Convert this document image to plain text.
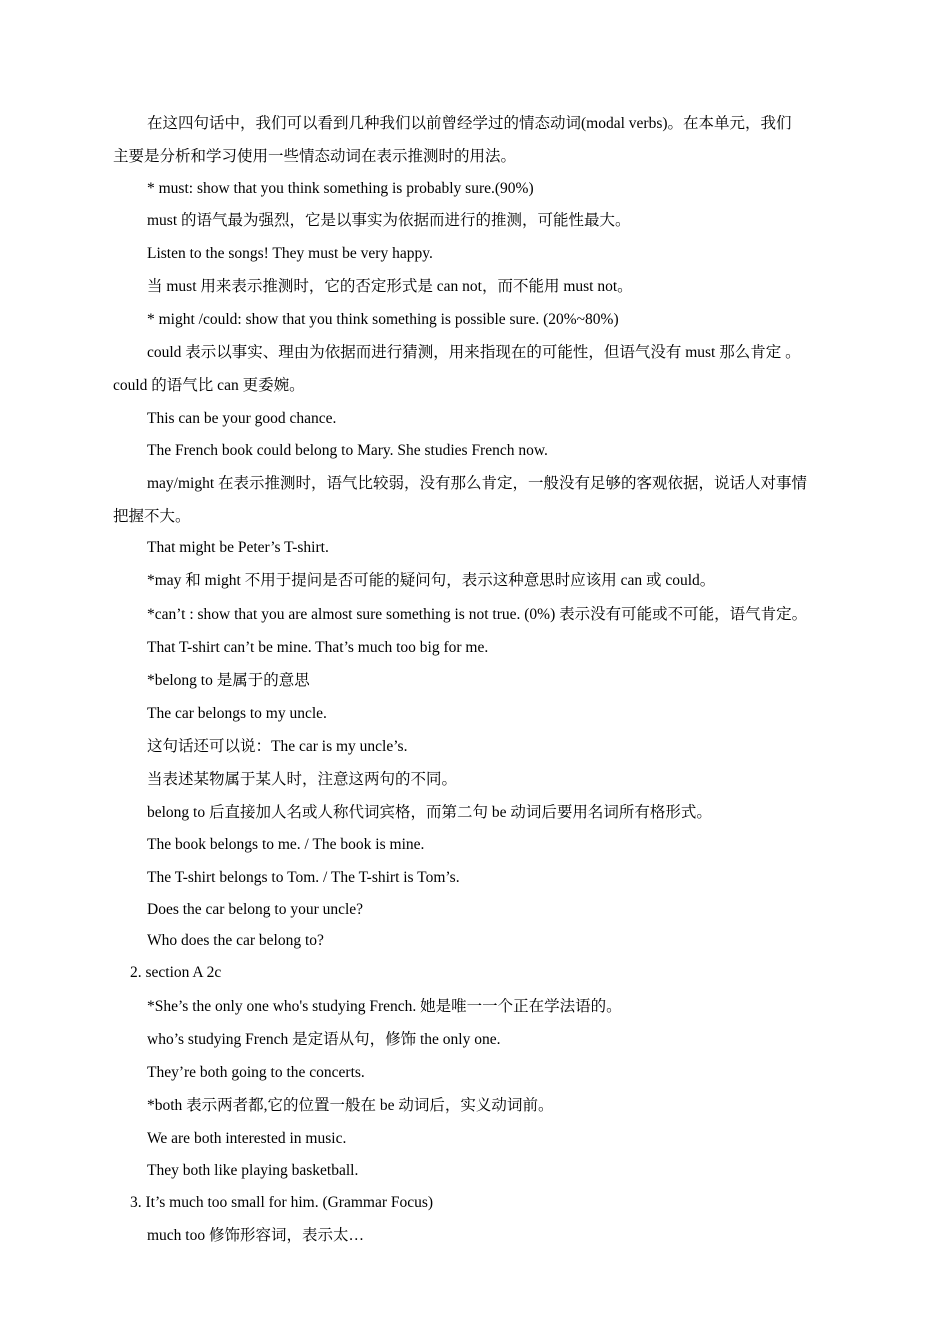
在这四句话中，我们可以看到几种我们以前曾经学过的情态动词(modal verbs)。在本单元，我们
主要是分析和学习使用一些情态动词在表示推测时的用法。
* must: show that you think something is probably sure.(90%)
must 的语气最为强烈，它是以事实为依据而进行的推测，可能性最大。
Listen to the songs! They must be very happy.
当 must 用来表示推测时，它的否定形式是 can not，而不能用 must not。
* might /could: show that you think something is possible sure. (20%~80%)
could 表示以事实、理由为依据而进行猜测，用来指现在的可能性，但语气没有 must 那么肯定 。
could 的语气比 can 更委婉。
This can be your good chance.
The French book could belong to Mary. She studies French now.
may/might 在表示推测时，语气比较弱，没有那么肯定，一般没有足够的客观依据，说话人对事情
把握不大。
That might be Peter’s T-shirt.
*may 和 might 不用于提问是否可能的疑问句，表示这种意思时应该用 can 或 could。
*can’t : show that you are almost sure something is not true. (0%) 表示没有可能或不可能，语气肯定。
That T-shirt can’t be mine. That’s much too big for me.
*belong to 是属于的意思
The car belongs to my uncle.
这句话还可以说：The car is my uncle’s.
当表述某物属于某人时，注意这两句的不同。
belong to 后直接加人名或人称代词宾格，而第二句 be 动词后要用名词所有格形式。
The book belongs to me. / The book is mine.
The T-shirt belongs to Tom. / The T-shirt is Tom’s.
Does the car belong to your uncle?
Who does the car belong to?
2. section A 2c
*She’s the only one who's studying French. 她是唯一一个正在学法语的。
who’s studying French 是定语从句，修饰 the only one.
They’re both going to the concerts.
*both 表示两者都,它的位置一般在 be 动词后，实义动词前。
We are both interested in music.
They both like playing basketball.
3. It’s much too small for him. (Grammar Focus)
much too 修饰形容词，表示太…
